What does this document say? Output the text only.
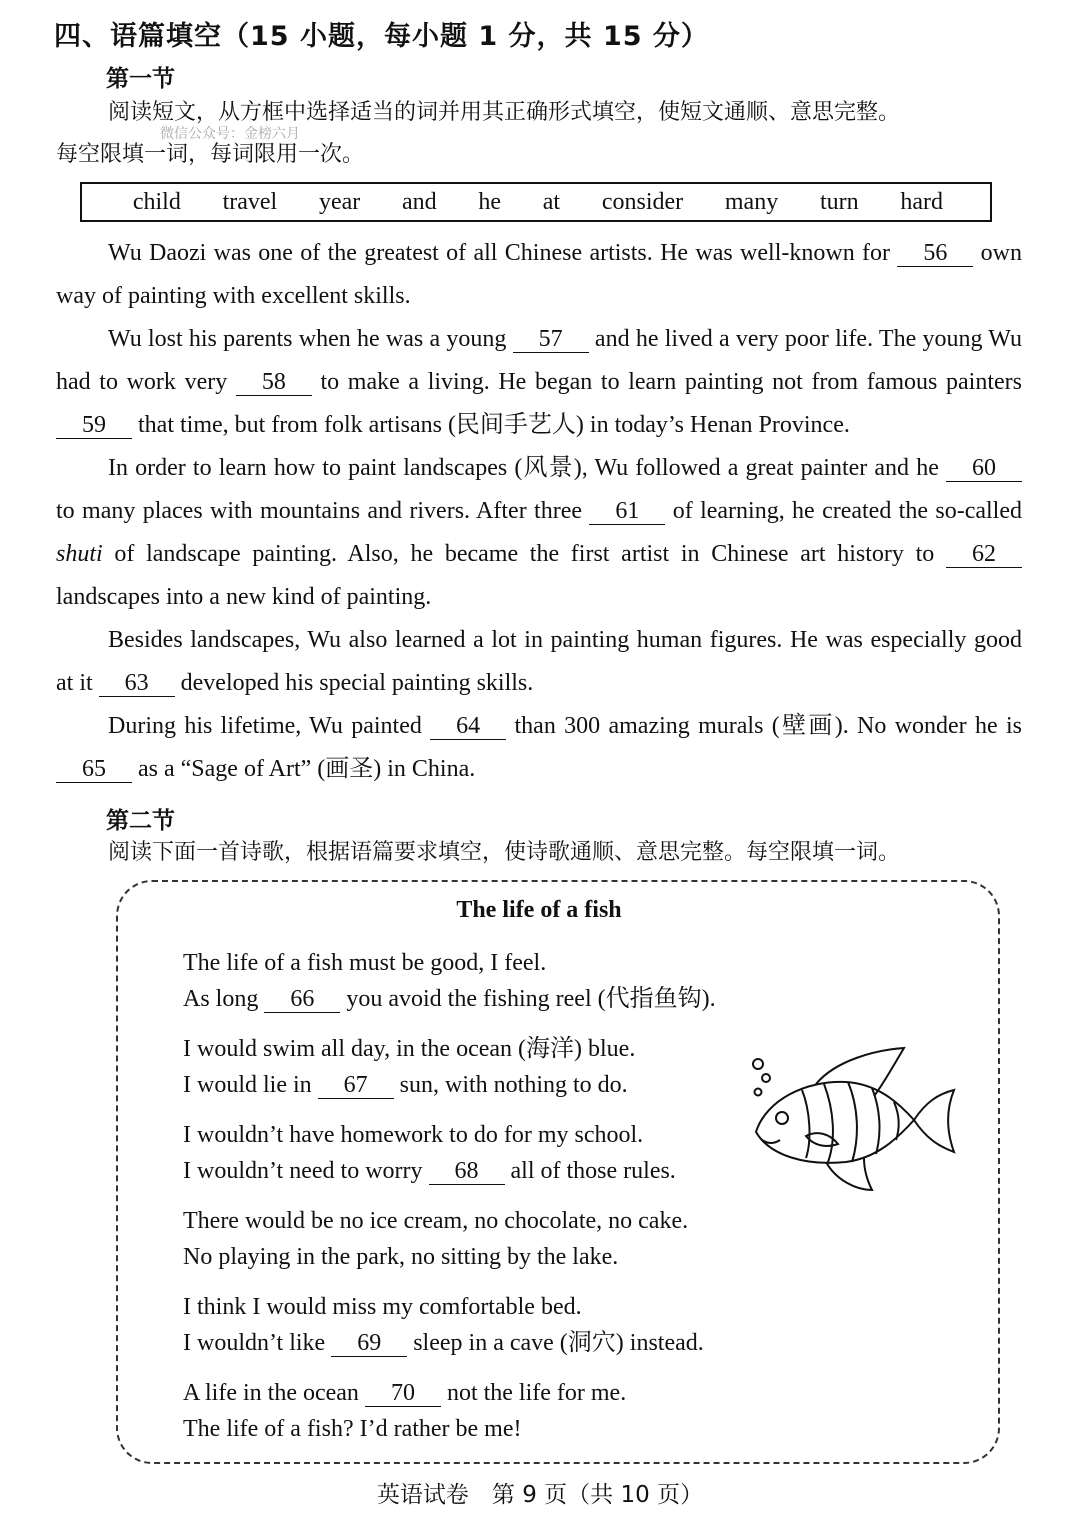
四、语篇填空（15 小题，每小题 1 分，共 15 分）
第一节
阅读短文，从方框中选择适当的词并用其正确形式填空，使短文通顺、意思完整。
每空限填一词，每词限用一次。
微信公众号：金榜六月
child travel year and he at consider many turn hard

Wu Daozi was one of the greatest of all Chinese artists. He was well-known for 56 own way of painting with excellent skills.

Wu lost his parents when he was a young 57 and he lived a very poor life. The young Wu had to work very 58 to make a living. He began to learn painting not from famous painters 59 that time, but from folk artisans (民间手艺人) in today’s Henan Province.

In order to learn how to paint landscapes (风景), Wu followed a great painter and he 60 to many places with mountains and rivers. After three 61 of learning, he created the so-called shuti of landscape painting. Also, he became the first artist in Chinese art history to 62 landscapes into a new kind of painting.

Besides landscapes, Wu also learned a lot in painting human figures. He was especially good at it 63 developed his special painting skills.

During his lifetime, Wu painted 64 than 300 amazing murals (壁画). No wonder he is 65 as a “Sage of Art” (画圣) in China.

第二节
阅读下面一首诗歌，根据语篇要求填空，使诗歌通顺、意思完整。每空限填一词。
The life of a fish
The life of a fish must be good, I feel.
As long 66 you avoid the fishing reel (代指鱼钩).
I would swim all day, in the ocean (海洋) blue.
I would lie in 67 sun, with nothing to do.
I wouldn’t have homework to do for my school.
I wouldn’t need to worry 68 all of those rules.
There would be no ice cream, no chocolate, no cake.
No playing in the park, no sitting by the lake.
I think I would miss my comfortable bed.
I wouldn’t like 69 sleep in a cave (洞穴) instead.
A life in the ocean 70 not the life for me.
The life of a fish? I’d rather be me!
英语试卷　第 9 页（共 10 页）
